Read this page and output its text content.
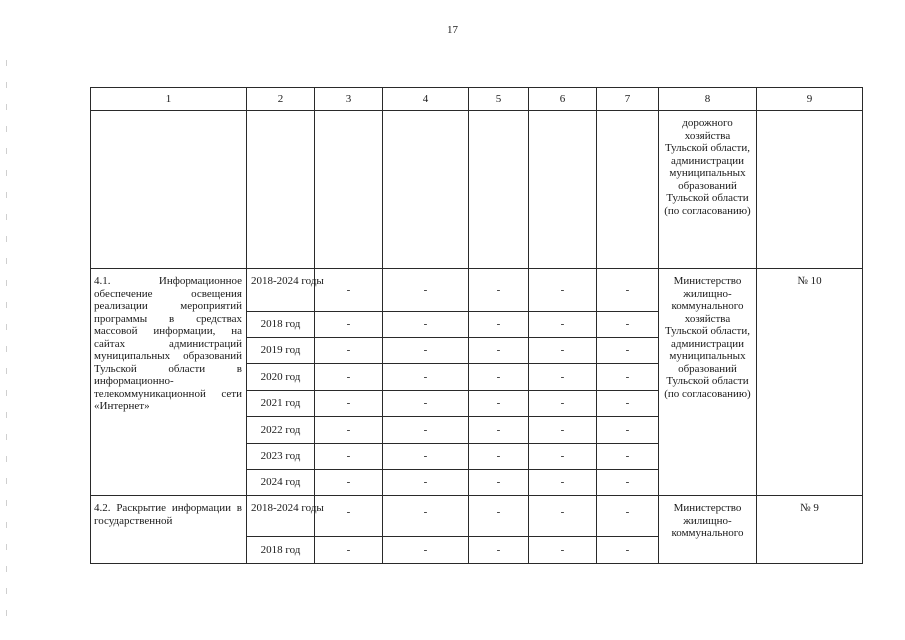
17
1	2	3	4	5	6	7	8	9
							дорожного хозяйства Тульской области, администрации муниципальных образований Тульской области (по согласованию)	
4.1. Информационное обеспечение освещения реализации мероприятий программы в средствах массовой информации, на сайтах администраций муниципальных образований Тульской области в информационно-телекоммуникационной сети «Интернет»	2018-2024 годы	-	-	-	-	-	Министерство жилищно-коммунального хозяйства Тульской области, администрации муниципальных образований Тульской области (по согласованию)	№ 10
	2018 год	-	-	-	-	-		
	2019 год	-	-	-	-	-		
	2020 год	-	-	-	-	-		
	2021 год	-	-	-	-	-		
	2022 год	-	-	-	-	-		
	2023 год	-	-	-	-	-		
	2024 год	-	-	-	-	-		
4.2. Раскрытие информации в государственной	2018-2024 годы	-	-	-	-	-	Министерство жилищно-коммунального	№ 9
	2018 год	-	-	-	-	-		
